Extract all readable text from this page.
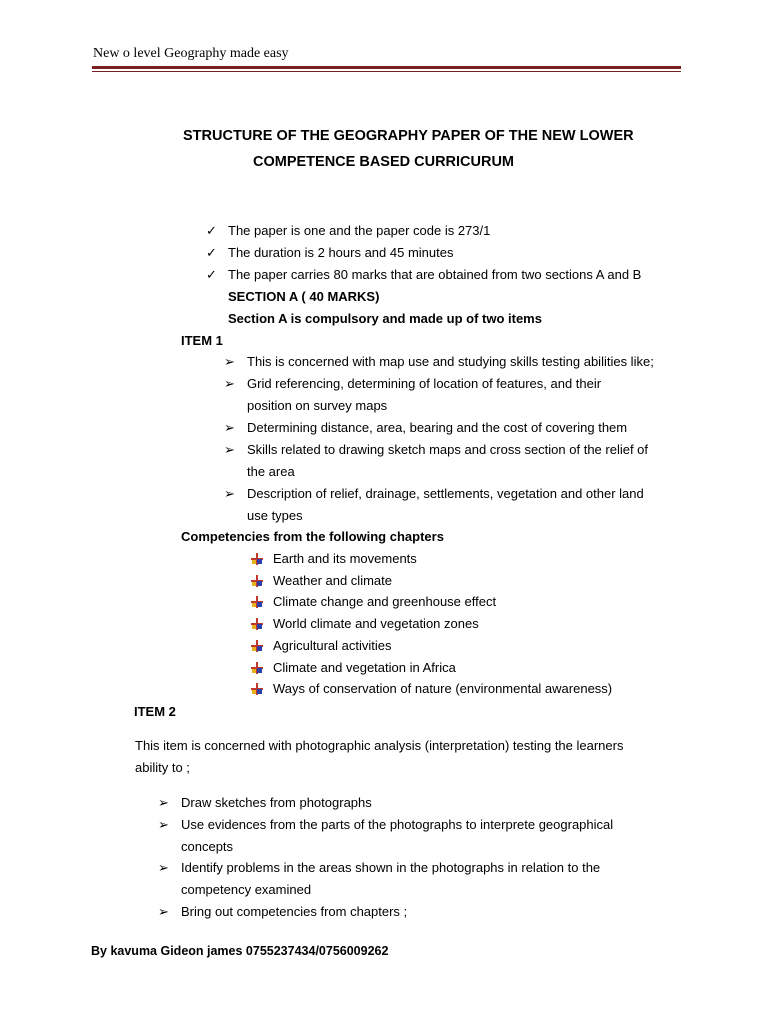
New o level Geography made easy
STRUCTURE OF THE GEOGRAPHY PAPER OF THE NEW LOWER
COMPETENCE BASED CURRICURUM
✓ The paper is one and the paper code is 273/1
✓ The duration is 2 hours and 45 minutes
✓ The paper carries 80 marks that are obtained from two sections A and B
SECTION A ( 40 MARKS)
Section A is compulsory and made up of two items
ITEM 1
➢ This is concerned with map use and studying skills testing abilities like;
➢ Grid referencing, determining of location of features, and their
position on survey maps
➢ Determining distance, area, bearing and the cost of covering them
➢ Skills related to drawing sketch maps and cross section of the relief of
the area
➢ Description of relief, drainage, settlements, vegetation and other land
use types
Competencies from the following chapters
Earth and its movements
Weather and climate
Climate change and greenhouse effect
World climate and vegetation zones
Agricultural activities
Climate and vegetation in Africa
Ways of conservation of nature (environmental awareness)
ITEM 2
This item is concerned with photographic analysis (interpretation) testing the learners
ability to ;
➢ Draw sketches from photographs
➢ Use evidences from the parts of the photographs to interprete geographical
concepts
➢ Identify problems in the areas shown in the photographs in relation to the
competency examined
➢ Bring out competencies from chapters ;
By kavuma Gideon james 0755237434/0756009262
